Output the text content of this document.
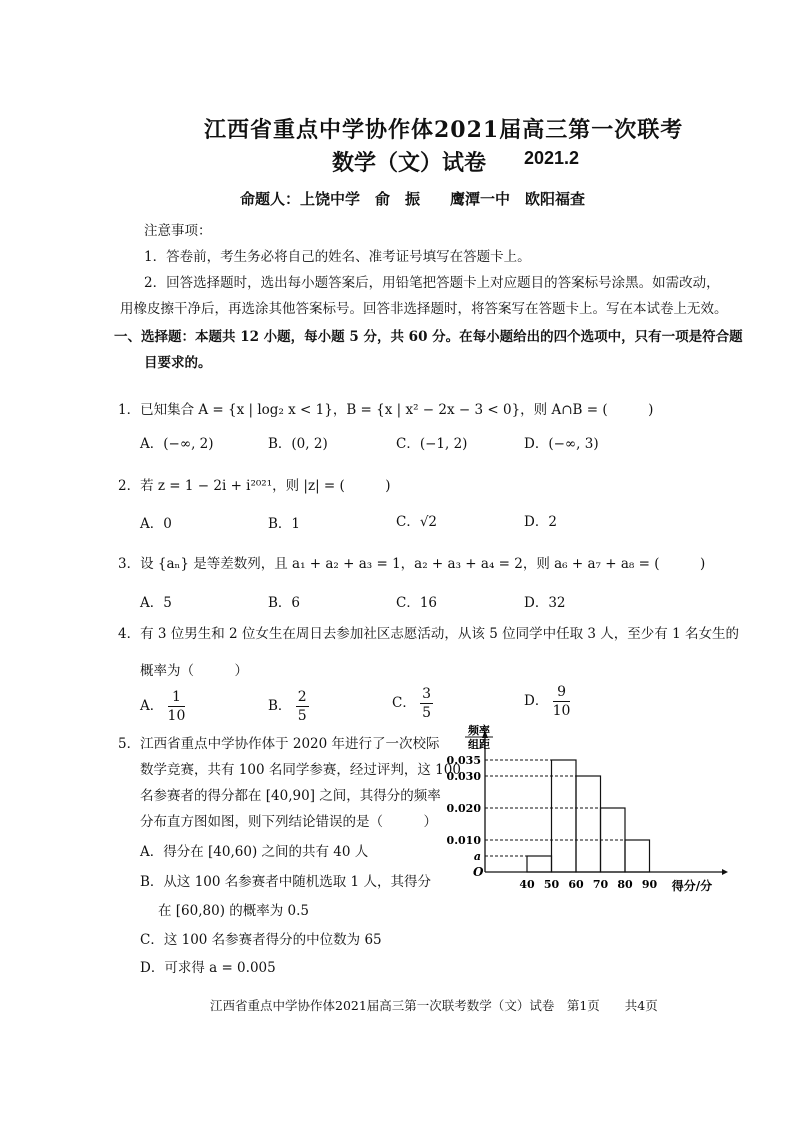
江西省重点中学协作体2021届高三第一次联考
数学（文）试卷 2021.2
命题人：上饶中学　俞　振　　鹰潭一中　欧阳福查
注意事项：
1．答卷前，考生务必将自己的姓名、准考证号填写在答题卡上。
2．回答选择题时，选出每小题答案后，用铅笔把答题卡上对应题目的答案标号涂黑。如需改动，
用橡皮擦干净后，再选涂其他答案标号。回答非选择题时，将答案写在答题卡上。写在本试卷上无效。
一、选择题：本题共 12 小题，每小题 5 分，共 60 分。在每小题给出的四个选项中，只有一项是符合题
目要求的。
1．已知集合 A = {x | log₂ x < 1}，B = {x | x² − 2x − 3 < 0}，则 A∩B = (　　　)
A．(−∞, 2)	B．(0, 2)	C．(−1, 2)	D．(−∞, 3)
2．若 z = 1 − 2i + i²⁰²¹，则 |z| = (　　　)
A．0	B．1	C．√2	D．2
3．设 {aₙ} 是等差数列，且 a₁ + a₂ + a₃ = 1，a₂ + a₃ + a₄ = 2，则 a₆ + a₇ + a₈ = (　　　)
A．5	B．6	C．16	D．32
4．有 3 位男生和 2 位女生在周日去参加社区志愿活动，从该 5 位同学中任取 3 人，至少有 1 名女生的
概率为（　　　）
A． $\frac{1}{10}$	B． $\frac{2}{5}$	C． $\frac{3}{5}$	D． $\frac{9}{10}$
5．江西省重点中学协作体于 2020 年进行了一次校际
数学竞赛，共有 100 名同学参赛，经过评判，这 100
名参赛者的得分都在 [40,90] 之间，其得分的频率
分布直方图如图，则下列结论错误的是（　　　）
A．得分在 [40,60) 之间的共有 40 人
B．从这 100 名参赛者中随机选取 1 人，其得分
在 [60,80) 的概率为 0.5
C．这 100 名参赛者得分的中位数为 65
D．可求得 a = 0.005
频率
组距
0.035
0.030
0.020
0.010
a
O
40 50 60 70 80 90 得分/分
江西省重点中学协作体2021届高三第一次联考数学（文）试卷　第1页　　共4页
